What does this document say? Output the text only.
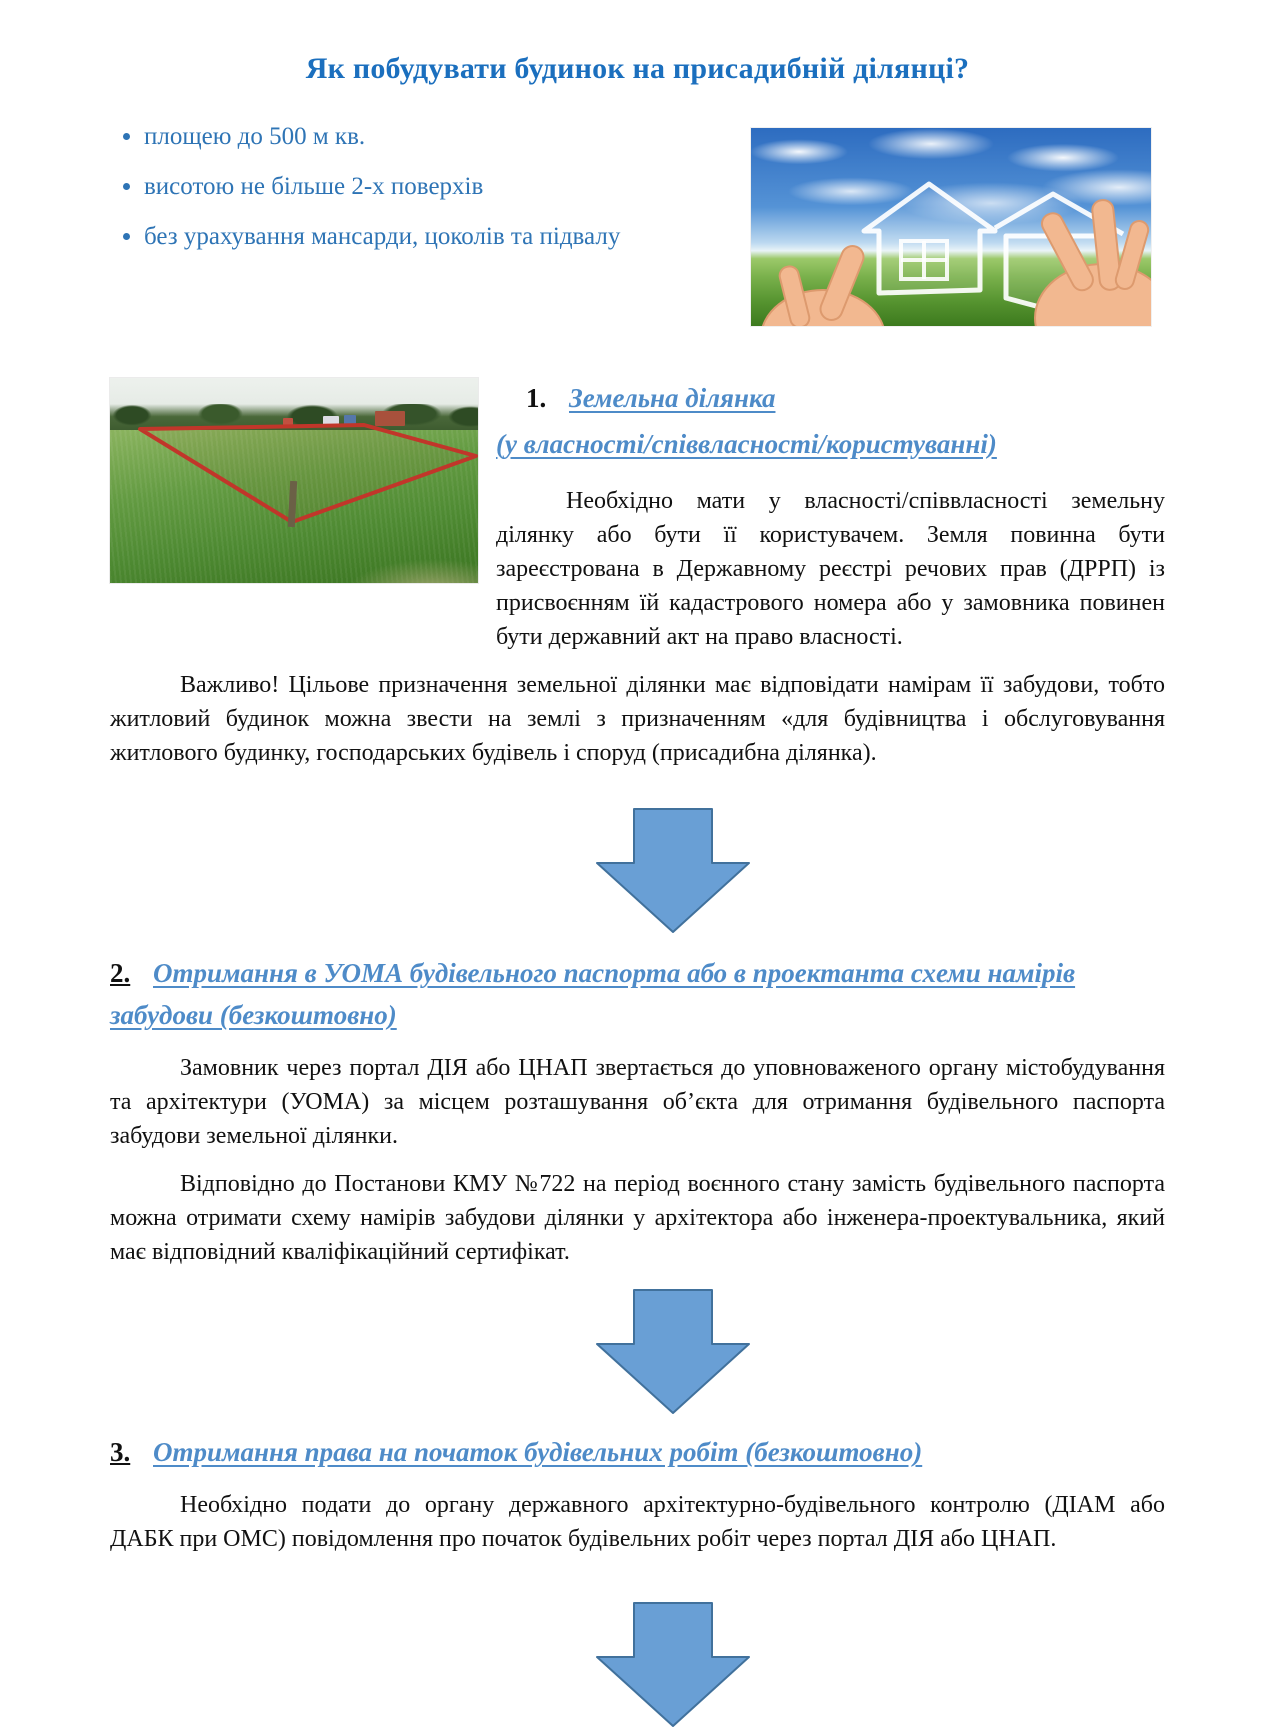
Як побудувати будинок на присадибній ділянці?
• площею до 500 м кв.
• висотою не більше 2-х поверхів
• без урахування мансарди, цоколів та підвалу

1. Земельна ділянка

(у власності/співвласності/користуванні)

Необхідно мати у власності/співвласності земельну ділянку або бути її користувачем. Земля повинна бути зареєстрована в Державному реєстрі речових прав (ДРРП) із присвоєнням їй кадастрового номера або у замовника повинен бути державний акт на право власності.

Важливо! Цільове призначення земельної ділянки має відповідати намірам її забудови, тобто житловий будинок можна звести на землі з призначенням «для будівництва і обслуговування житлового будинку, господарських будівель і споруд (присадибна ділянка).

2. Отримання в УОМА будівельного паспорта або в проектанта схеми намірів забудови (безкоштовно)

Замовник через портал ДІЯ або ЦНАП звертається до уповноваженого органу містобудування та архітектури (УОМА) за місцем розташування об’єкта для отримання будівельного паспорта забудови земельної ділянки.

Відповідно до Постанови КМУ №722 на період воєнного стану замість будівельного паспорта можна отримати схему намірів забудови ділянки у архітектора або інженера-проектувальника, який має відповідний кваліфікаційний сертифікат.

3. Отримання права на початок будівельних робіт (безкоштовно)

Необхідно подати до органу державного архітектурно-будівельного контролю (ДІАМ або ДАБК при ОМС) повідомлення про початок будівельних робіт через портал ДІЯ або ЦНАП.
